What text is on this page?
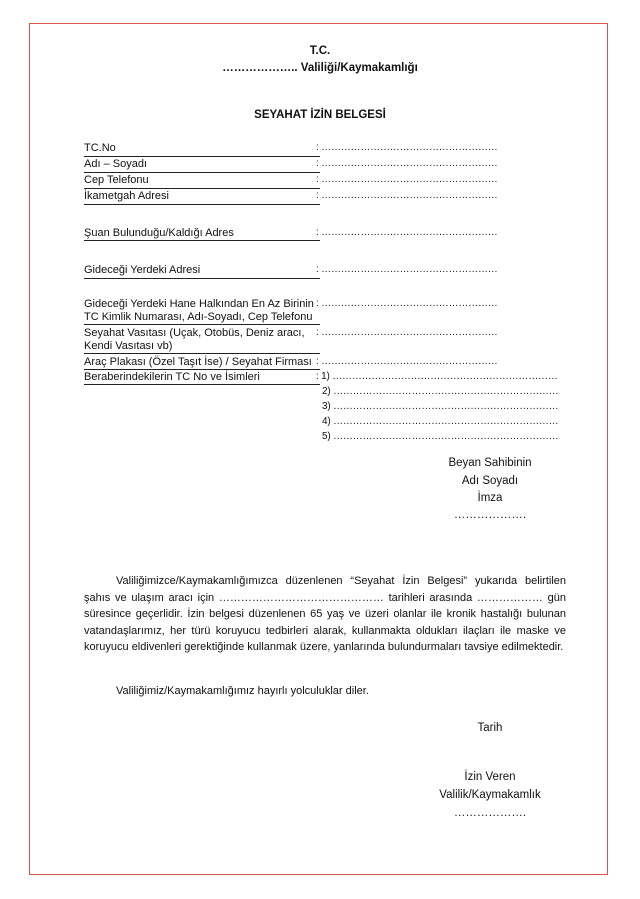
T.C.
……………….. Valiliği/Kaymakamlığı
SEYAHAT İZİN BELGESİ
TC.No	: ………………………………………………
Adı – Soyadı	: ………………………………………………
Cep Telefonu	: ………………………………………………
İkametgah Adresi	: ………………………………………………
Şuan Bulunduğu/Kaldığı Adres	: ………………………………………………
Gideceği Yerdeki Adresi	: ………………………………………………
Gideceği Yerdeki Hane Halkından En Az Birinin
TC Kimlik Numarası, Adı-Soyadı, Cep Telefonu
: ………………………………………………
Seyahat Vasıtası (Uçak, Otobüs, Deniz aracı,
Kendi Vasıtası vb)
: ………………………………………………
Araç Plakası (Özel Taşıt İse) / Seyahat Firması : ………………………………………………
Beraberindekilerin TC No ve İsimleri	: 1) ……………………………………………………………
2) ……………………………………………………………
3) ……………………………………………………………
4) ……………………………………………………………
5) ……………………………………………………………
Beyan Sahibinin
Adı Soyadı
İmza
……………….
Valiliğimizce/Kaymakamlığımızca düzenlenen “Seyahat İzin Belgesi” yukarıda belirtilen şahıs ve ulaşım aracı için ……………………………………… tarihleri arasında ……………… gün süresince geçerlidir. İzin belgesi düzenlenen 65 yaş ve üzeri olanlar ile kronik hastalığı bulunan vatandaşlarımız, her türü koruyucu tedbirleri alarak, kullanmakta oldukları ilaçları ile maske ve koruyucu eldivenleri gerektiğinde kullanmak üzere, yanlarında bulundurmaları tavsiye edilmektedir.
Valiliğimiz/Kaymakamlığımız hayırlı yolculuklar diler.
Tarih
İzin Veren
Valilik/Kaymakamlık
……………….
